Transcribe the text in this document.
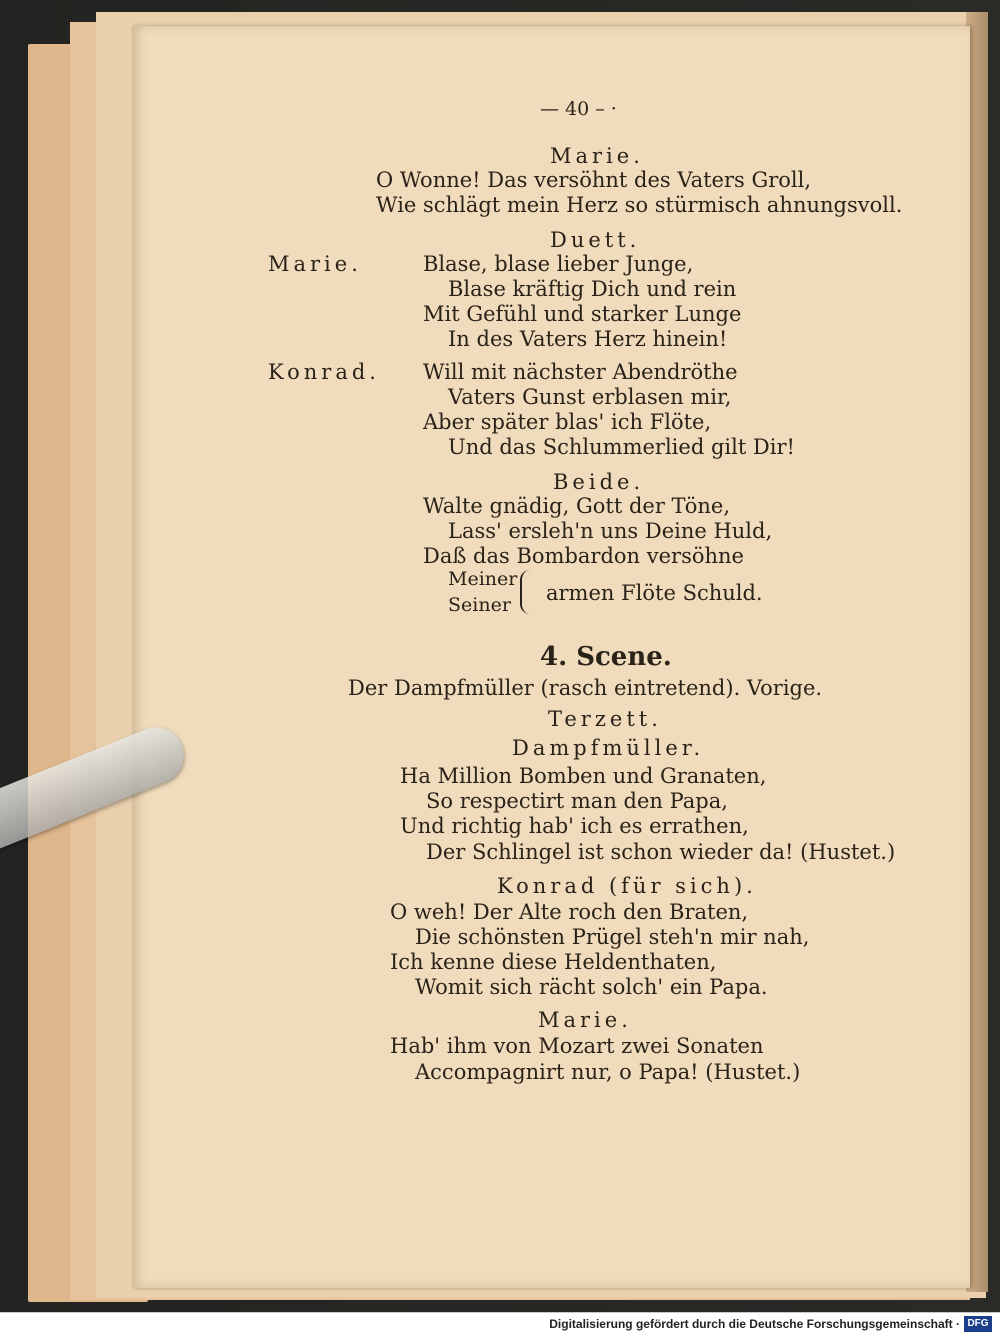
— 40 – ·
Marie.
O Wonne! Das versöhnt des Vaters Groll,
Wie schlägt mein Herz so stürmisch ahnungsvoll.
Duett.
Marie.	Blase, blase lieber Junge,
Blase kräftig Dich und rein
Mit Gefühl und starker Lunge
In des Vaters Herz hinein!
Konrad. Will mit nächster Abendröthe
Vaters Gunst erblasen mir,
Aber später blas' ich Flöte,
Und das Schlummerlied gilt Dir!
Beide.
Walte gnädig, Gott der Töne,
Lass' ersleh'n uns Deine Huld,
Daß das Bombardon versöhne
Meiner
Seiner armen Flöte Schuld.
4. Scene.
Der Dampfmüller (rasch eintretend). Vorige.
Terzett.
Dampfmüller.
Ha Million Bomben und Granaten,
So respectirt man den Papa,
Und richtig hab' ich es errathen,
Der Schlingel ist schon wieder da! (Hustet.)
Konrad (für sich).
O weh! Der Alte roch den Braten,
Die schönsten Prügel steh'n mir nah,
Ich kenne diese Heldenthaten,
Womit sich rächt solch' ein Papa.
Marie.
Hab' ihm von Mozart zwei Sonaten
Accompagnirt nur, o Papa! (Hustet.)
Digitalisierung gefördert durch die Deutsche Forschungsgemeinschaft · DFG
